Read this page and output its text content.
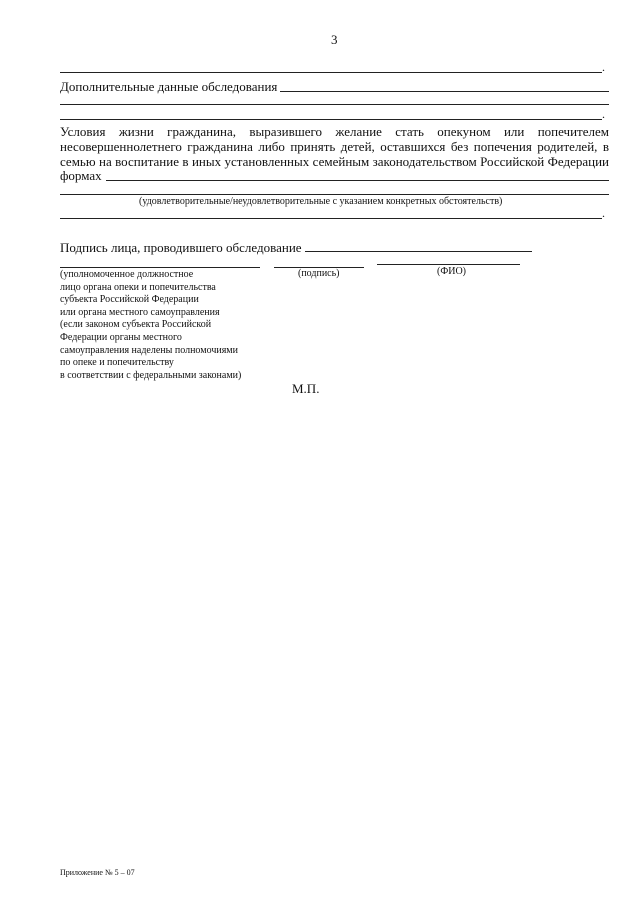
3
.
Дополнительные данные обследования
.
Условия жизни гражданина, выразившего желание стать опекуном или попечителем
несовершеннолетнего гражданина либо принять детей, оставшихся без попечения родителей, в
семью на воспитание в иных установленных семейным законодательством Российской Федерации
формах
(удовлетворительные/неудовлетворительные с указанием конкретных обстоятельств)
.
Подпись лица, проводившего обследование
(уполномоченное должностное
лицо органа опеки и попечительства
субъекта Российской Федерации
или органа местного самоуправления
(если законом субъекта Российской
Федерации органы местного
самоуправления наделены полномочиями
по опеке и попечительству
в соответствии с федеральными законами)
(подпись)	(ФИО)
М.П.
Приложение № 5 – 07
